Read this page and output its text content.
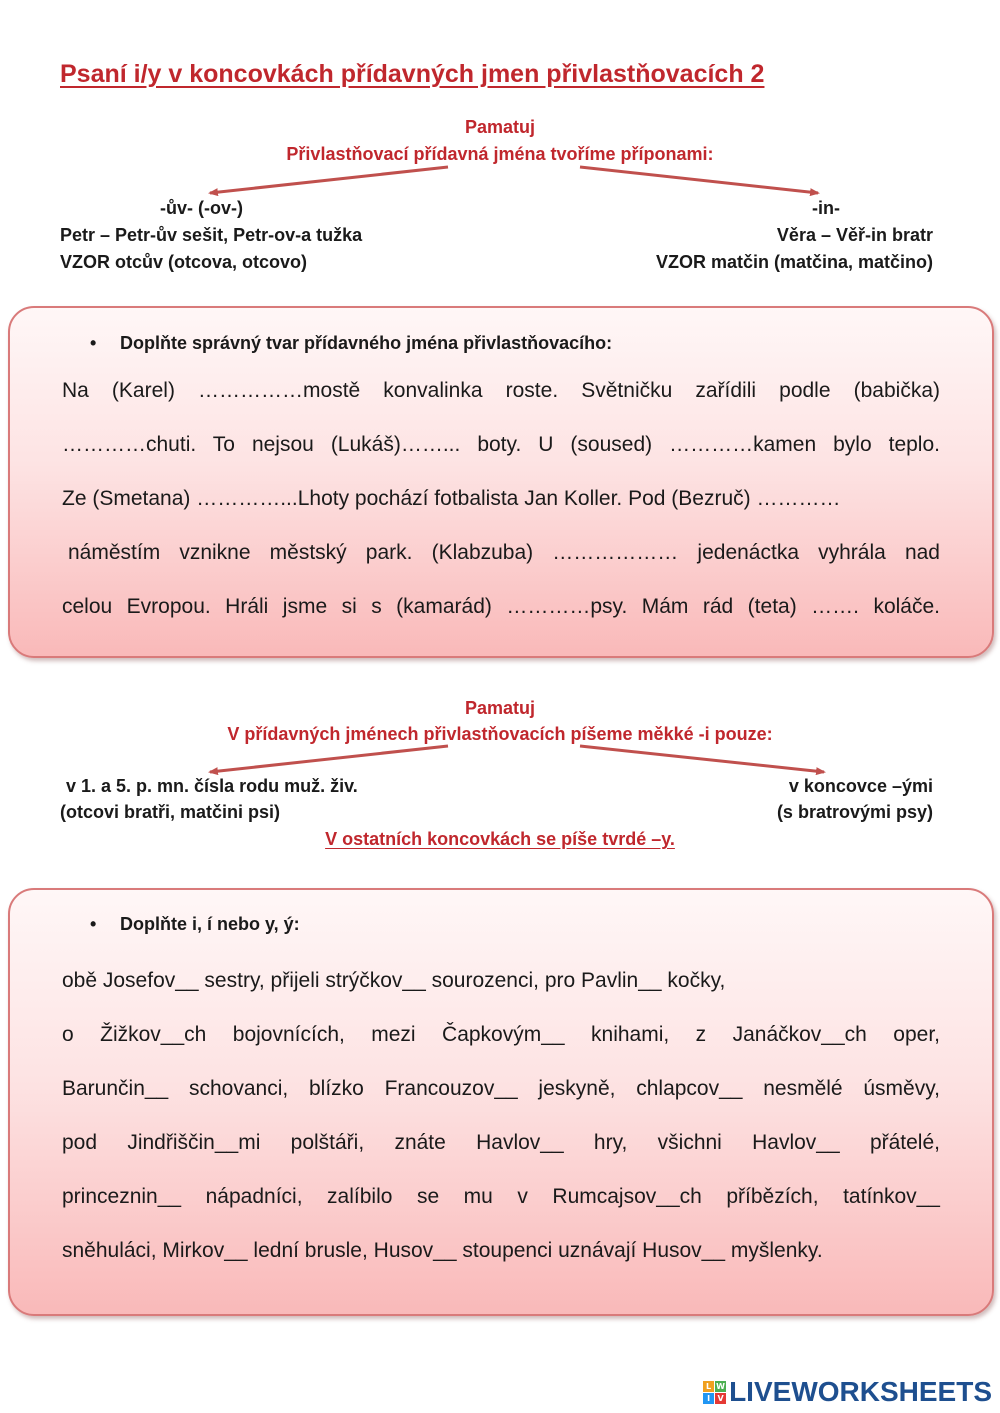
Psaní i/y v koncovkách přídavných jmen přivlastňovacích 2
Pamatuj
Přivlastňovací přídavná jména tvoříme příponami:
-ův- (-ov-)
Petr – Petr-ův sešit, Petr-ov-a tužka
VZOR otcův (otcova, otcovo)
-in-
Věra – Věř-in bratr
VZOR matčin (matčina, matčino)
• Doplňte správný tvar přídavného jména přivlastňovacího:
Na (Karel) ……………mostě konvalinka roste. Světničku zařídili podle (babička)
…………chuti. To nejsou (Lukáš)……... boty. U (soused) …………kamen bylo teplo.
Ze (Smetana) …………...Lhoty pochází fotbalista Jan Koller. Pod (Bezruč) …………
náměstím vznikne městský park. (Klabzuba) ……………… jedenáctka vyhrála nad
celou Evropou. Hráli jsme si s (kamarád) …………psy. Mám rád (teta) ……. koláče.
Pamatuj
V přídavných jménech přivlastňovacích píšeme měkké -i pouze:
v 1. a 5. p. mn. čísla rodu muž. živ.
(otcovi bratři, matčini psi)
v koncovce –ými
(s bratrovými psy)
V ostatních koncovkách se píše tvrdé –y.
• Doplňte i, í nebo y, ý:
obě Josefov__ sestry, přijeli strýčkov__ sourozenci, pro Pavlin__ kočky,
o Žižkov__ch bojovnících, mezi Čapkovým__ knihami, z Janáčkov__ch oper,
Barunčin__ schovanci, blízko Francouzov__ jeskyně, chlapcov__ nesmělé úsměvy,
pod Jindřiščin__mi polštáři, znáte Havlov__ hry, všichni Havlov__ přátelé,
princeznin__ nápadníci, zalíbilo se mu v Rumcajsov__ch příbězích, tatínkov__
sněhuláci, Mirkov__ lední brusle, Husov__ stoupenci uznávají Husov__ myšlenky.
L W
I V LIVEWORKSHEETS
